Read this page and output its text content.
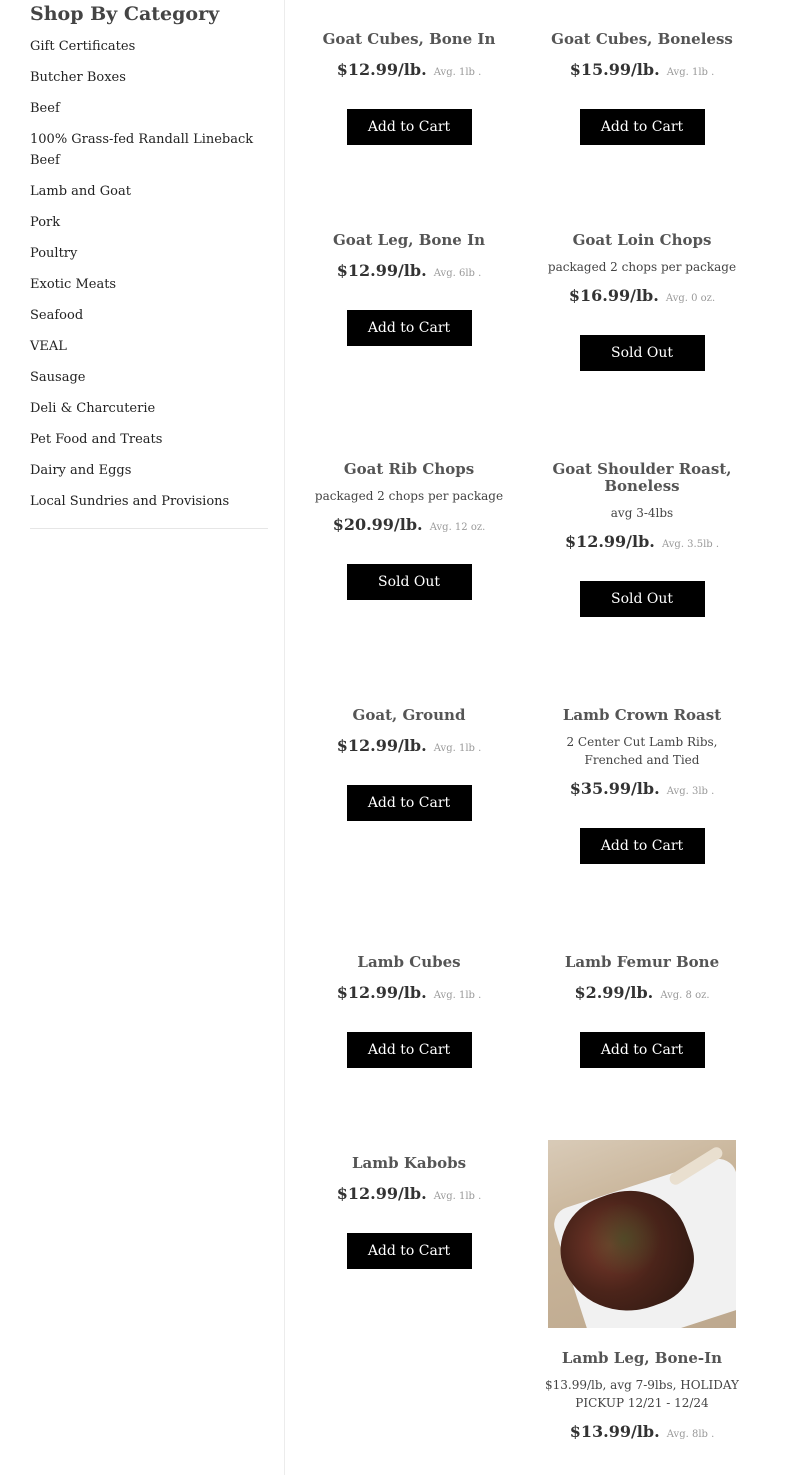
Shop By Category
Gift Certificates
Butcher Boxes
Beef
100% Grass-fed Randall Lineback Beef
Lamb and Goat
Pork
Poultry
Exotic Meats
Seafood
VEAL
Sausage
Deli & Charcuterie
Pet Food and Treats
Dairy and Eggs
Local Sundries and Provisions
Goat Cubes, Bone In
$12.99/lb. Avg. 1lb .
Add to Cart
Goat Cubes, Boneless
$15.99/lb. Avg. 1lb .
Add to Cart
Goat Leg, Bone In
$12.99/lb. Avg. 6lb .
Add to Cart
Goat Loin Chops
packaged 2 chops per package
$16.99/lb. Avg. 0 oz.
Sold Out
Goat Rib Chops
packaged 2 chops per package
$20.99/lb. Avg. 12 oz.
Sold Out
Goat Shoulder Roast, Boneless
avg 3-4lbs
$12.99/lb. Avg. 3.5lb .
Sold Out
Goat, Ground
$12.99/lb. Avg. 1lb .
Add to Cart
Lamb Crown Roast
2 Center Cut Lamb Ribs, Frenched and Tied
$35.99/lb. Avg. 3lb .
Add to Cart
Lamb Cubes
$12.99/lb. Avg. 1lb .
Add to Cart
Lamb Femur Bone
$2.99/lb. Avg. 8 oz.
Add to Cart
Lamb Kabobs
$12.99/lb. Avg. 1lb .
Add to Cart
Lamb Leg, Bone-In
$13.99/lb, avg 7-9lbs, HOLIDAY PICKUP 12/21 - 12/24
$13.99/lb. Avg. 8lb .
